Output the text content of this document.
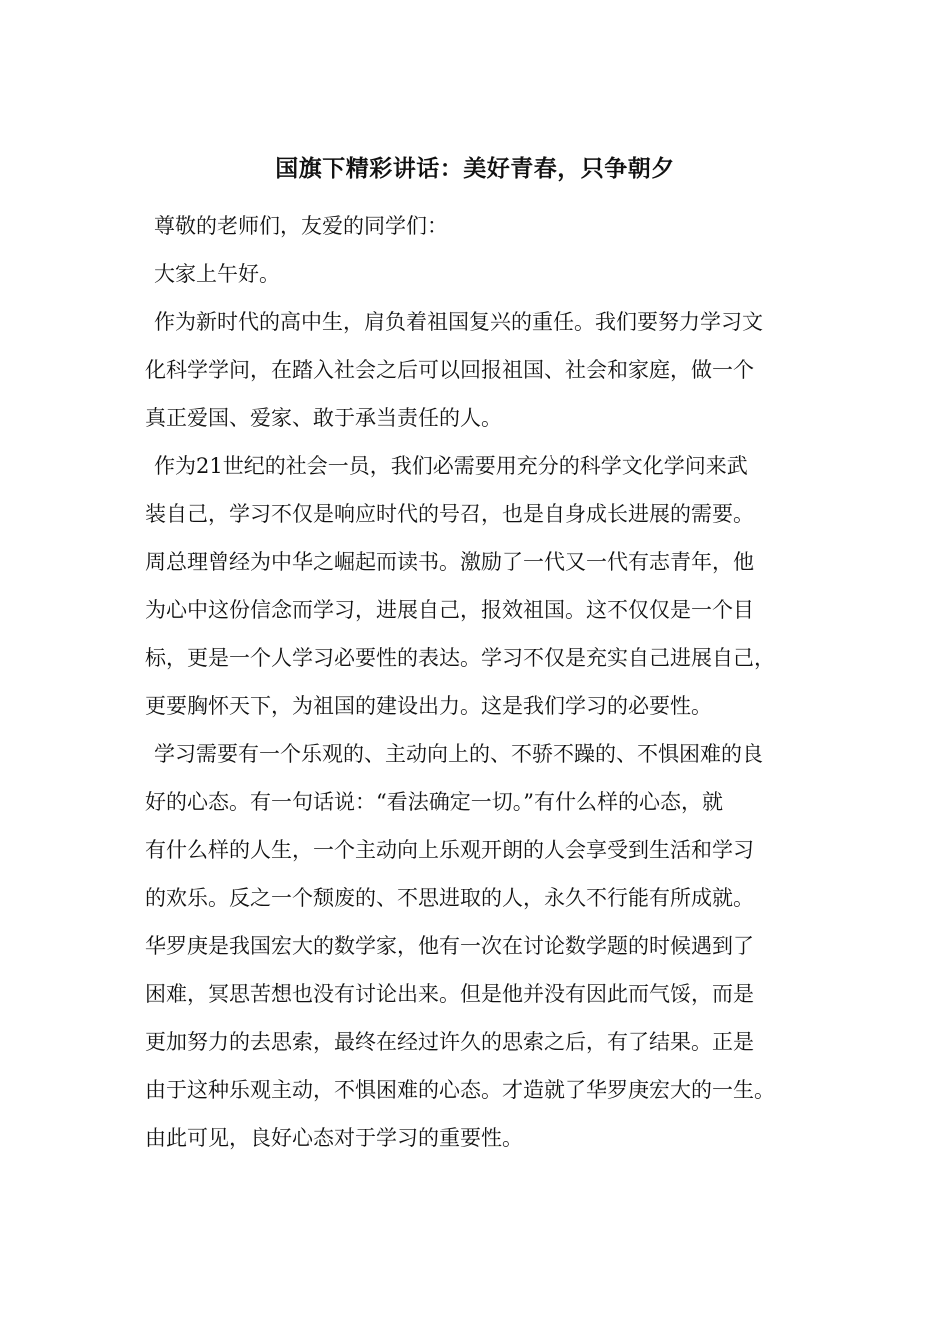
国旗下精彩讲话：美好青春，只争朝夕
尊敬的老师们，友爱的同学们：
大家上午好。
作为新时代的高中生，肩负着祖国复兴的重任。我们要努力学习文
化科学学问，在踏入社会之后可以回报祖国、社会和家庭，做一个
真正爱国、爱家、敢于承当责任的人。
作为21世纪的社会一员，我们必需要用充分的科学文化学问来武
装自己，学习不仅是响应时代的号召，也是自身成长进展的需要。
周总理曾经为中华之崛起而读书。激励了一代又一代有志青年，他
为心中这份信念而学习，进展自己，报效祖国。这不仅仅是一个目
标，更是一个人学习必要性的表达。学习不仅是充实自己进展自己，
更要胸怀天下，为祖国的建设出力。这是我们学习的必要性。
学习需要有一个乐观的、主动向上的、不骄不躁的、不惧困难的良
好的心态。有一句话说：“看法确定一切。”有什么样的心态，就
有什么样的人生，一个主动向上乐观开朗的人会享受到生活和学习
的欢乐。反之一个颓废的、不思进取的人，永久不行能有所成就。
华罗庚是我国宏大的数学家，他有一次在讨论数学题的时候遇到了
困难，冥思苦想也没有讨论出来。但是他并没有因此而气馁，而是
更加努力的去思索，最终在经过许久的思索之后，有了结果。正是
由于这种乐观主动，不惧困难的心态。才造就了华罗庚宏大的一生。
由此可见，良好心态对于学习的重要性。
